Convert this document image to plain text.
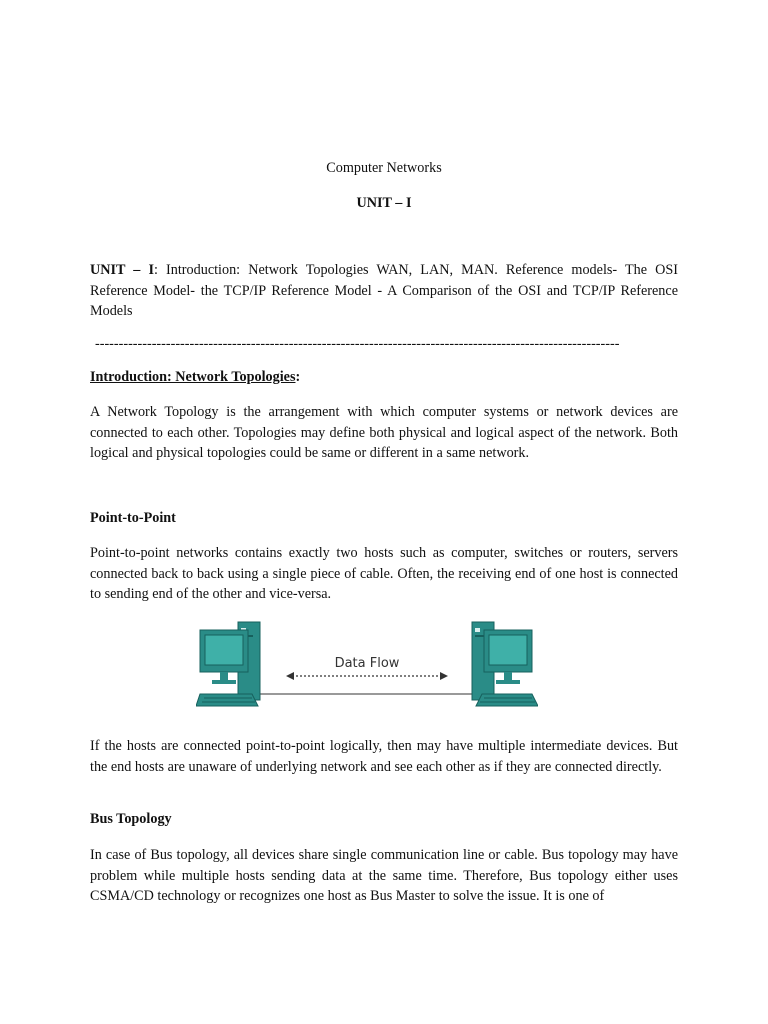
Computer Networks
UNIT – I
UNIT – I: Introduction: Network Topologies WAN, LAN, MAN. Reference models- The OSI Reference Model- the TCP/IP Reference Model - A Comparison of the OSI and TCP/IP Reference Models
---------------------------------------------------------------------------------------------------------------
Introduction: Network Topologies:
A Network Topology is the arrangement with which computer systems or network devices are connected to each other. Topologies may define both physical and logical aspect of the network. Both logical and physical topologies could be same or different in a same network.
Point-to-Point
Point-to-point networks contains exactly two hosts such as computer, switches or routers, servers connected back to back using a single piece of cable. Often, the receiving end of one host is connected to sending end of the other and vice-versa.
Data Flow
If the hosts are connected point-to-point logically, then may have multiple intermediate devices. But the end hosts are unaware of underlying network and see each other as if they are connected directly.
Bus Topology
In case of Bus topology, all devices share single communication line or cable. Bus topology may have problem while multiple hosts sending data at the same time. Therefore, Bus topology either uses CSMA/CD technology or recognizes one host as Bus Master to solve the issue. It is one of
